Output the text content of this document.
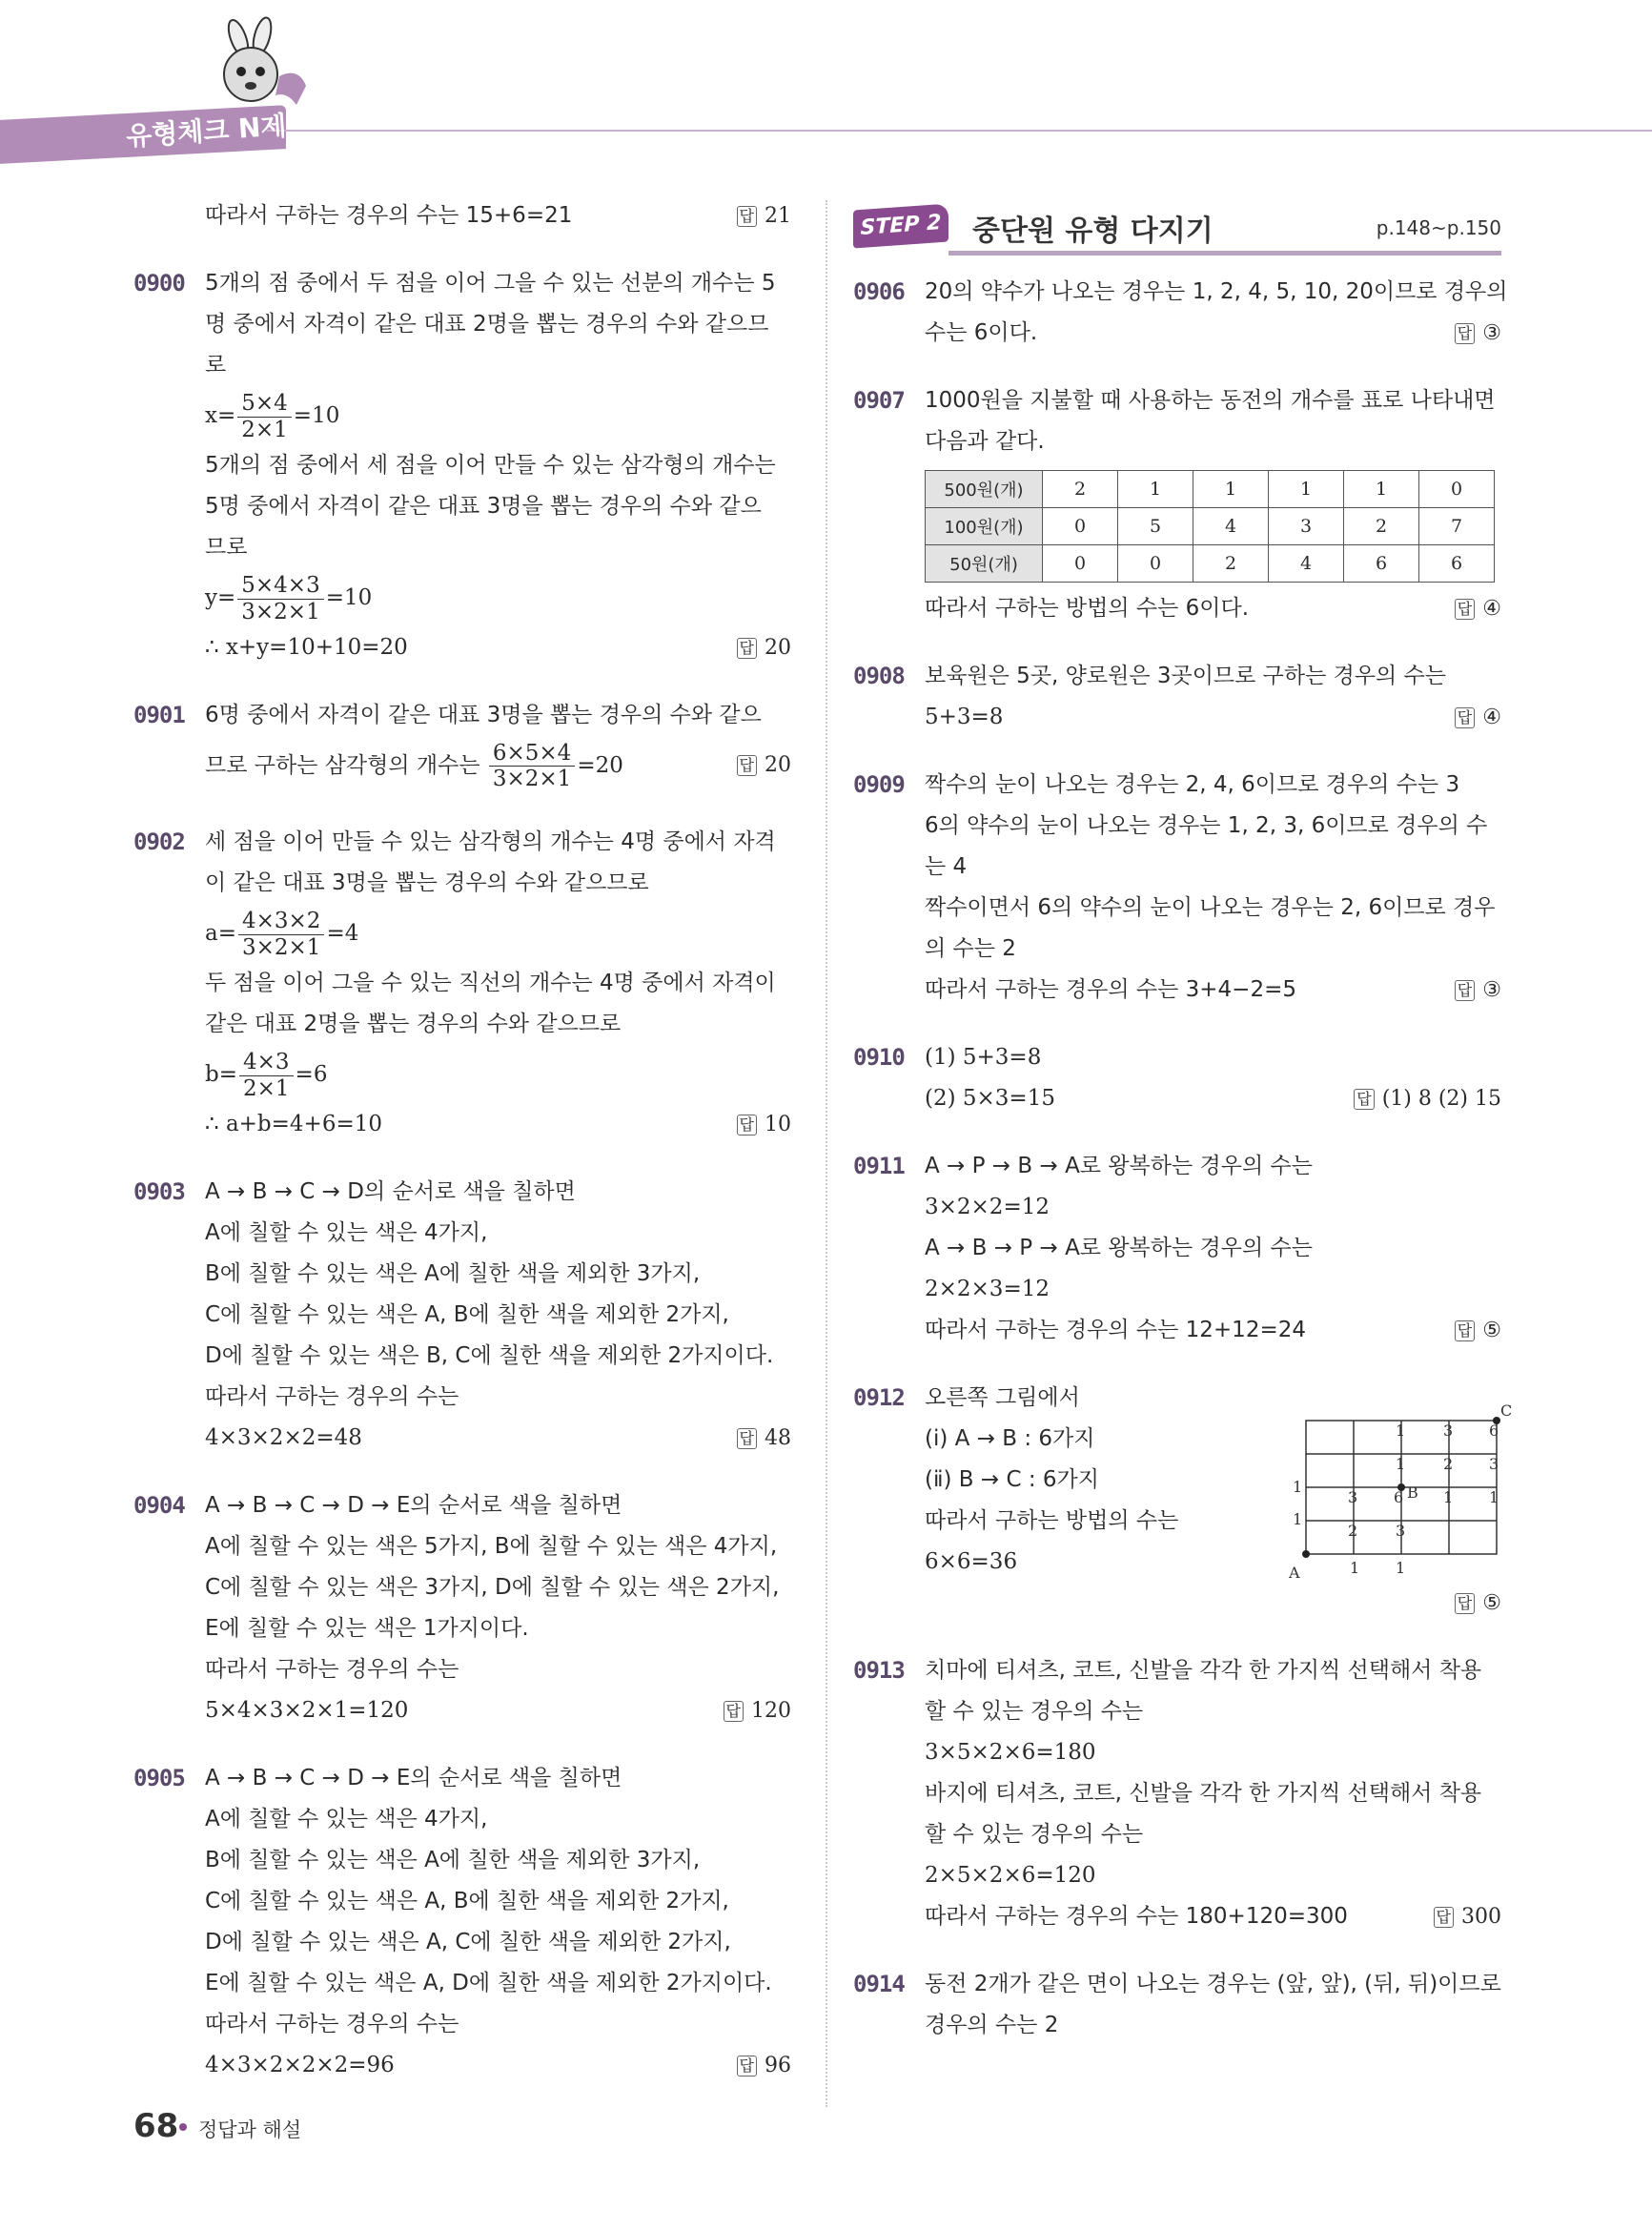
유형체크 N제
따라서 구하는 경우의 수는 15+6=21	답 21
0900 5개의 점 중에서 두 점을 이어 그을 수 있는 선분의 개수는 5
명 중에서 자격이 같은 대표 2명을 뽑는 경우의 수와 같으므
로
$x= \frac{5\times 4}{2\times 1} =10$
5개의 점 중에서 세 점을 이어 만들 수 있는 삼각형의 개수는
5명 중에서 자격이 같은 대표 3명을 뽑는 경우의 수와 같으
므로
$y= \frac{5\times 4\times 3}{3\times 2\times 1} =10$
∴ x+y=10+10=20	답 20
0901 6명 중에서 자격이 같은 대표 3명을 뽑는 경우의 수와 같으
므로 구하는 삼각형의 개수는 $\frac{6\times 5\times 4}{3\times 2\times 1} =20$	답 20
0902 세 점을 이어 만들 수 있는 삼각형의 개수는 4명 중에서 자격
이 같은 대표 3명을 뽑는 경우의 수와 같으므로
$a= \frac{4\times 3\times 2}{3\times 2\times 1} =4$
두 점을 이어 그을 수 있는 직선의 개수는 4명 중에서 자격이
같은 대표 2명을 뽑는 경우의 수와 같으므로
$b= \frac{4\times 3}{2\times 1} =6$
∴ a+b=4+6=10	답 10
0903 A → B → C → D의 순서로 색을 칠하면
A에 칠할 수 있는 색은 4가지,
B에 칠할 수 있는 색은 A에 칠한 색을 제외한 3가지,
C에 칠할 수 있는 색은 A, B에 칠한 색을 제외한 2가지,
D에 칠할 수 있는 색은 B, C에 칠한 색을 제외한 2가지이다.
따라서 구하는 경우의 수는
4×3×2×2=48	답 48
0904 A → B → C → D → E의 순서로 색을 칠하면
A에 칠할 수 있는 색은 5가지, B에 칠할 수 있는 색은 4가지,
C에 칠할 수 있는 색은 3가지, D에 칠할 수 있는 색은 2가지,
E에 칠할 수 있는 색은 1가지이다.
따라서 구하는 경우의 수는
5×4×3×2×1=120	답 120
0905 A → B → C → D → E의 순서로 색을 칠하면
A에 칠할 수 있는 색은 4가지,
B에 칠할 수 있는 색은 A에 칠한 색을 제외한 3가지,
C에 칠할 수 있는 색은 A, B에 칠한 색을 제외한 2가지,
D에 칠할 수 있는 색은 A, C에 칠한 색을 제외한 2가지,
E에 칠할 수 있는 색은 A, D에 칠한 색을 제외한 2가지이다.
따라서 구하는 경우의 수는
4×3×2×2×2=96	답 96
STEP 2 중단원 유형 다지기	p.148~p.150
0906 20의 약수가 나오는 경우는 1, 2, 4, 5, 10, 20이므로 경우의
수는 6이다.	답 ③
0907 1000원을 지불할 때 사용하는 동전의 개수를 표로 나타내면
다음과 같다.
500원(개)	2	1	1	1	1	0
100원(개)	0	5	4	3	2	7
50원(개)	0	0	2	4	6	6
따라서 구하는 방법의 수는 6이다.	답 ④
0908 보육원은 5곳, 양로원은 3곳이므로 구하는 경우의 수는
5+3=8	답 ④
0909 짝수의 눈이 나오는 경우는 2, 4, 6이므로 경우의 수는 3
6의 약수의 눈이 나오는 경우는 1, 2, 3, 6이므로 경우의 수
는 4
짝수이면서 6의 약수의 눈이 나오는 경우는 2, 6이므로 경우
의 수는 2
따라서 구하는 경우의 수는 3+4−2=5	답 ③
0910 (1) 5+3=8
(2) 5×3=15	답 (1) 8 (2) 15
0911 A → P → B → A로 왕복하는 경우의 수는
3×2×2=12
A → B → P → A로 왕복하는 경우의 수는
2×2×3=12
따라서 구하는 경우의 수는 12+12=24	답 ⑤
0912 오른쪽 그림에서
(ⅰ) A → B : 6가지
(ⅱ) B → C : 6가지
따라서 구하는 방법의 수는
6×6=36
답 ⑤
0913 치마에 티셔츠, 코트, 신발을 각각 한 가지씩 선택해서 착용
할 수 있는 경우의 수는
3×5×2×6=180
바지에 티셔츠, 코트, 신발을 각각 한 가지씩 선택해서 착용
할 수 있는 경우의 수는
2×5×2×6=120
따라서 구하는 경우의 수는 180+120=300	답 300
0914 동전 2개가 같은 면이 나오는 경우는 (앞, 앞), (뒤, 뒤)이므로
경우의 수는 2
A
B
C
1 3 6
1 2 3
3 6	1 1
2 3
1
1
1 1
68 정답과 해설
